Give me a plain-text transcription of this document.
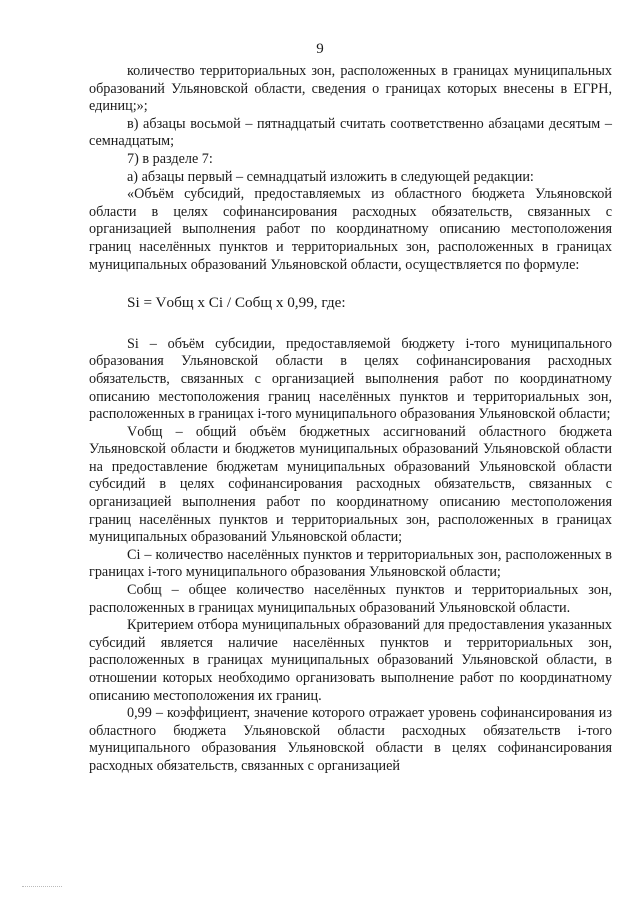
9

количество территориальных зон, расположенных в границах муниципальных образований Ульяновской области, сведения о границах которых внесены в ЕГРН, единиц;»;

в) абзацы восьмой – пятнадцатый считать соответственно абзацами десятым – семнадцатым;

7) в разделе 7:

а) абзацы первый – семнадцатый изложить в следующей редакции:

«Объём субсидий, предоставляемых из областного бюджета Ульяновской области в целях софинансирования расходных обязательств, связанных с организацией выполнения работ по координатному описанию местоположения границ населённых пунктов и территориальных зон, расположенных в границах муниципальных образований Ульяновской области, осуществляется по формуле:

Si = Vобщ x Ci / Cобщ x 0,99, где:

Si – объём субсидии, предоставляемой бюджету i-того муниципального образования Ульяновской области в целях софинансирования расходных обязательств, связанных с организацией выполнения работ по координатному описанию местоположения границ населённых пунктов и территориальных зон, расположенных в границах i-того муниципального образования Ульяновской области;

Vобщ – общий объём бюджетных ассигнований областного бюджета Ульяновской области и бюджетов муниципальных образований Ульяновской области на предоставление бюджетам муниципальных образований Ульяновской области субсидий в целях софинансирования расходных обязательств, связанных с организацией выполнения работ по координатному описанию местоположения границ населённых пунктов и территориальных зон, расположенных в границах муниципальных образований Ульяновской области;

Ci – количество населённых пунктов и территориальных зон, расположенных в границах i-того муниципального образования Ульяновской области;

Cобщ – общее количество населённых пунктов и территориальных зон, расположенных в границах муниципальных образований Ульяновской области.

Критерием отбора муниципальных образований для предоставления указанных субсидий является наличие населённых пунктов и территориальных зон, расположенных в границах муниципальных образований Ульяновской области, в отношении которых необходимо организовать выполнение работ по координатному описанию местоположения их границ.

0,99 – коэффициент, значение которого отражает уровень софинансирования из областного бюджета Ульяновской области расходных обязательств i-того муниципального образования Ульяновской области в целях софинансирования расходных обязательств, связанных с организацией
